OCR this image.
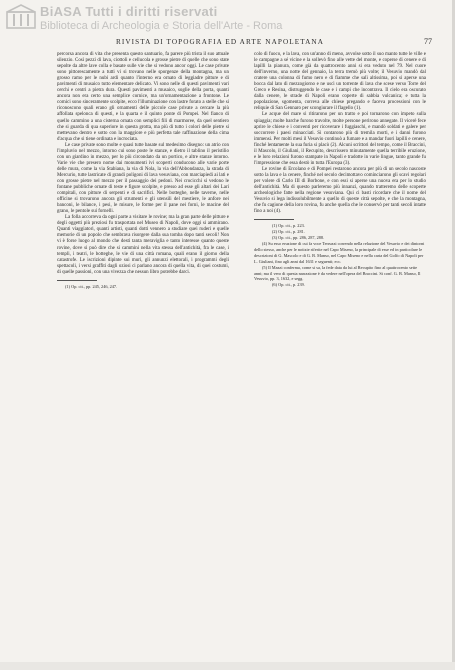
BiASA Tutti i diritti riservati
Biblioteca di Archeologia e Storia dell'Arte - Roma
RIVISTA DI TOPOGRAFIA ED ARTE NAPOLETANA	77

percorsa ancora di vita che presenta questo santuario, fa parere più trista il suo attuale silenzio. Così pezzi di lava, ciottoli e cellucola e grosse pietre di quelle che sono state sepolte da altre lave colla e basate sulle vie che si vedono ancor oggi. Le case private sono pittorescamente a tutti vi si trovano nelle sporgenze della montagna, ma un grosso ramo per le nubi ardi quanto l'interno era ornato di leggiadre pitture e di pavimenti di musaico tutto elementare delicato. Vi sono nelle di questi pavimenti vari cerchi e centri a pietra dura. Questi pavimenti a musaico, soglie della porta, quanti ancora non era certo una semplice cornice, ma un'ornamentazione a frontone. Le cornici sono sinceramente scolpite, ecco l'illuminazione con lastre forato a stelle che si riconoscono quali erano gli ornamenti delle piccole case private a cercare la più affollata spelonca di questi, e la quarta e il quinto ponte di Pompei. Nel fianco di quello cammino a una cisterna ornata con semplici fili di marmoree, da quel sentiero che si guarda di qua superiore in questa grotta, ma più di tutto i colori delle pietre si mettevano dentro e sotto con la maggiore e più perfetta tale raffinazione della cima d'acqua che si tiene ordinata e incrociata.

Le case private sono molte e quasi tutte basate sul medesimo disegno: un atrio con l'impluvio nel mezzo, intorno cui sono poste le stanze, e dietro il tablino il peristilio con un giardino in mezzo, per lo più circondato da un portico, e altre stanze intorno. Varie vie che presero nome dai monumenti ivi scoperti conducono alle varie porte delle mura, come la via Stabiana, la via di Nola, la via dell'Abbondanza, la strada di Mercurio, tutte lastricate di grandi poligoni di lava vesuviana, con marciapiedi ai lati e con grosse pietre nel mezzo per il passaggio dei pedoni. Nei crocicchi si vedono le fontane pubbliche ornate di teste e figure scolpite, e presso ad esse gli altari dei Lari compitali, con pitture di serpenti e di sacrifici. Nelle botteghe, nelle taverne, nelle officine si trovarono ancora gli strumenti e gli utensili del mestiere, le anfore nei banconi, le bilance, i pesi, le misure, le forme per il pane nei forni, le macine del grano, le pentole sui fornelli.

La folla accorreva da ogni parte a visitare le rovine; ma la gran parte delle pitture e degli oggetti più preziosi fu trasportata nel Museo di Napoli, dove oggi si ammirano. Quanti viaggiatori, quanti artisti, quanti dotti vennero a studiare quei ruderi e quelle memorie di un popolo che sembrava risorgere dalla sua tomba dopo tanti secoli! Non vi è forse luogo al mondo che desti tanta meraviglia e tanto interesse quanto queste rovine, dove si può dire che si cammini nella vita stessa dell'antichità, fra le case, i templi, i teatri, le botteghe, le vie di una città romana, quali erano il giorno della catastrofe. Le iscrizioni dipinte sui muri, gli annunzi elettorali, i programmi degli spettacoli, i versi graffiti dagli oziosi ci parlano ancora di quella vita, di quei costumi, di quelle passioni, con una vivezza che nessun libro potrebbe darci.

(1) Op. cit., pp. 245, 246, 247.

colo di fuoco, e la lava, con un'anno di meno, avvolse sotto il suo manto tutte le ville e le campagne a sé vicine e la sollevò fino alle vette del monte, e coperse di cenere e di lapilli la pianura, come già da quattrocento anni si era veduto nel 79. Nel cuore dell'inverno, una notte del gennaio, la terra tremò più volte; il Vesuvio mandò dal cratere una colonna di fumo nero e di fiamme che salì altissima, poi si aperse una bocca dal lato di mezzogiorno e ne uscì un torrente di lava che scese verso Torre del Greco e Resina, distruggendo le case e i campi che incontrava. Il cielo era oscurato dalla cenere, le strade di Napoli erano coperte di sabbia vulcanica; e tutta la popolazione, sgomenta, correva alle chiese pregando e faceva processioni con le reliquie di San Gennaro per scongiurare il flagello (1).

Le acque del mare si ritirarono per un tratto e poi tornarono con impeto sulla spiaggia; molte barche furono travolte, molte persone perirono annegate. Il vicerè fece aprire le chiese e i conventi per ricoverare i fuggiaschi, e mandò soldati e galere per soccorrere i paesi minacciati. Si contarono più di tremila morti, e i danni furono immensi. Per molti mesi il Vesuvio continuò a fumare e a mandar fuori lapilli e cenere, finché lentamente la sua furia si placò (2). Alcuni scrittori del tempo, come il Braccini, il Mascolo, il Giuliani, il Recupito, descrissero minutamente quella terribile eruzione, e le loro relazioni furono stampate in Napoli e tradotte in varie lingue, tanto grande fu l'impressione che essa destò in tutta l'Europa (3).

Le rovine di Ercolano e di Pompei restarono ancora per più di un secolo nascoste sotto la lava e la cenere, finché nel secolo decimottavo cominciarono gli scavi regolari per volere di Carlo III di Borbone, e con essi si aperse una nuova era per lo studio dell'antichità. Ma di questo parleremo più innanzi, quando tratteremo delle scoperte archeologiche fatte nella regione vesuviana. Qui ci basti ricordare che il nome del Vesuvio si lega indissolubilmente a quello di queste città sepolte, e che la montagna, che fu cagione della loro rovina, fu anche quella che le conservò per tanti secoli intatte fino a noi (4).

(1) Op. cit., p. 223.

(2) Op. cit., p. 281.

(3) Op. cit., pp. 286, 287, 288.

(4) Su esso eruzione di cui fa voce Terruzzi correndo nella relazione del Vesuvio e dei dintorni dello stesso, anche per le notizie riferite nel Capo Miseno, la principale di esse ed in particolare le descrizioni di G. Mascolo e di G. B. Manso, nel Capo Miseno e nella carta del Golfo di Napoli per L. Giuliani, fino agli anni dal 1631 e seguenti; ecc.

(5) Il Mazzi conferma, come si sa, la fede data da lui al Recupito fino al quattrocento sette anni; ma il vero di questa narrazione è da vedere nell'opera del Braccini. Si conf. G. B. Manso, Il Vesuvio, pp. 3, 1632, e segg.

(6) Op. cit., p. 239.
